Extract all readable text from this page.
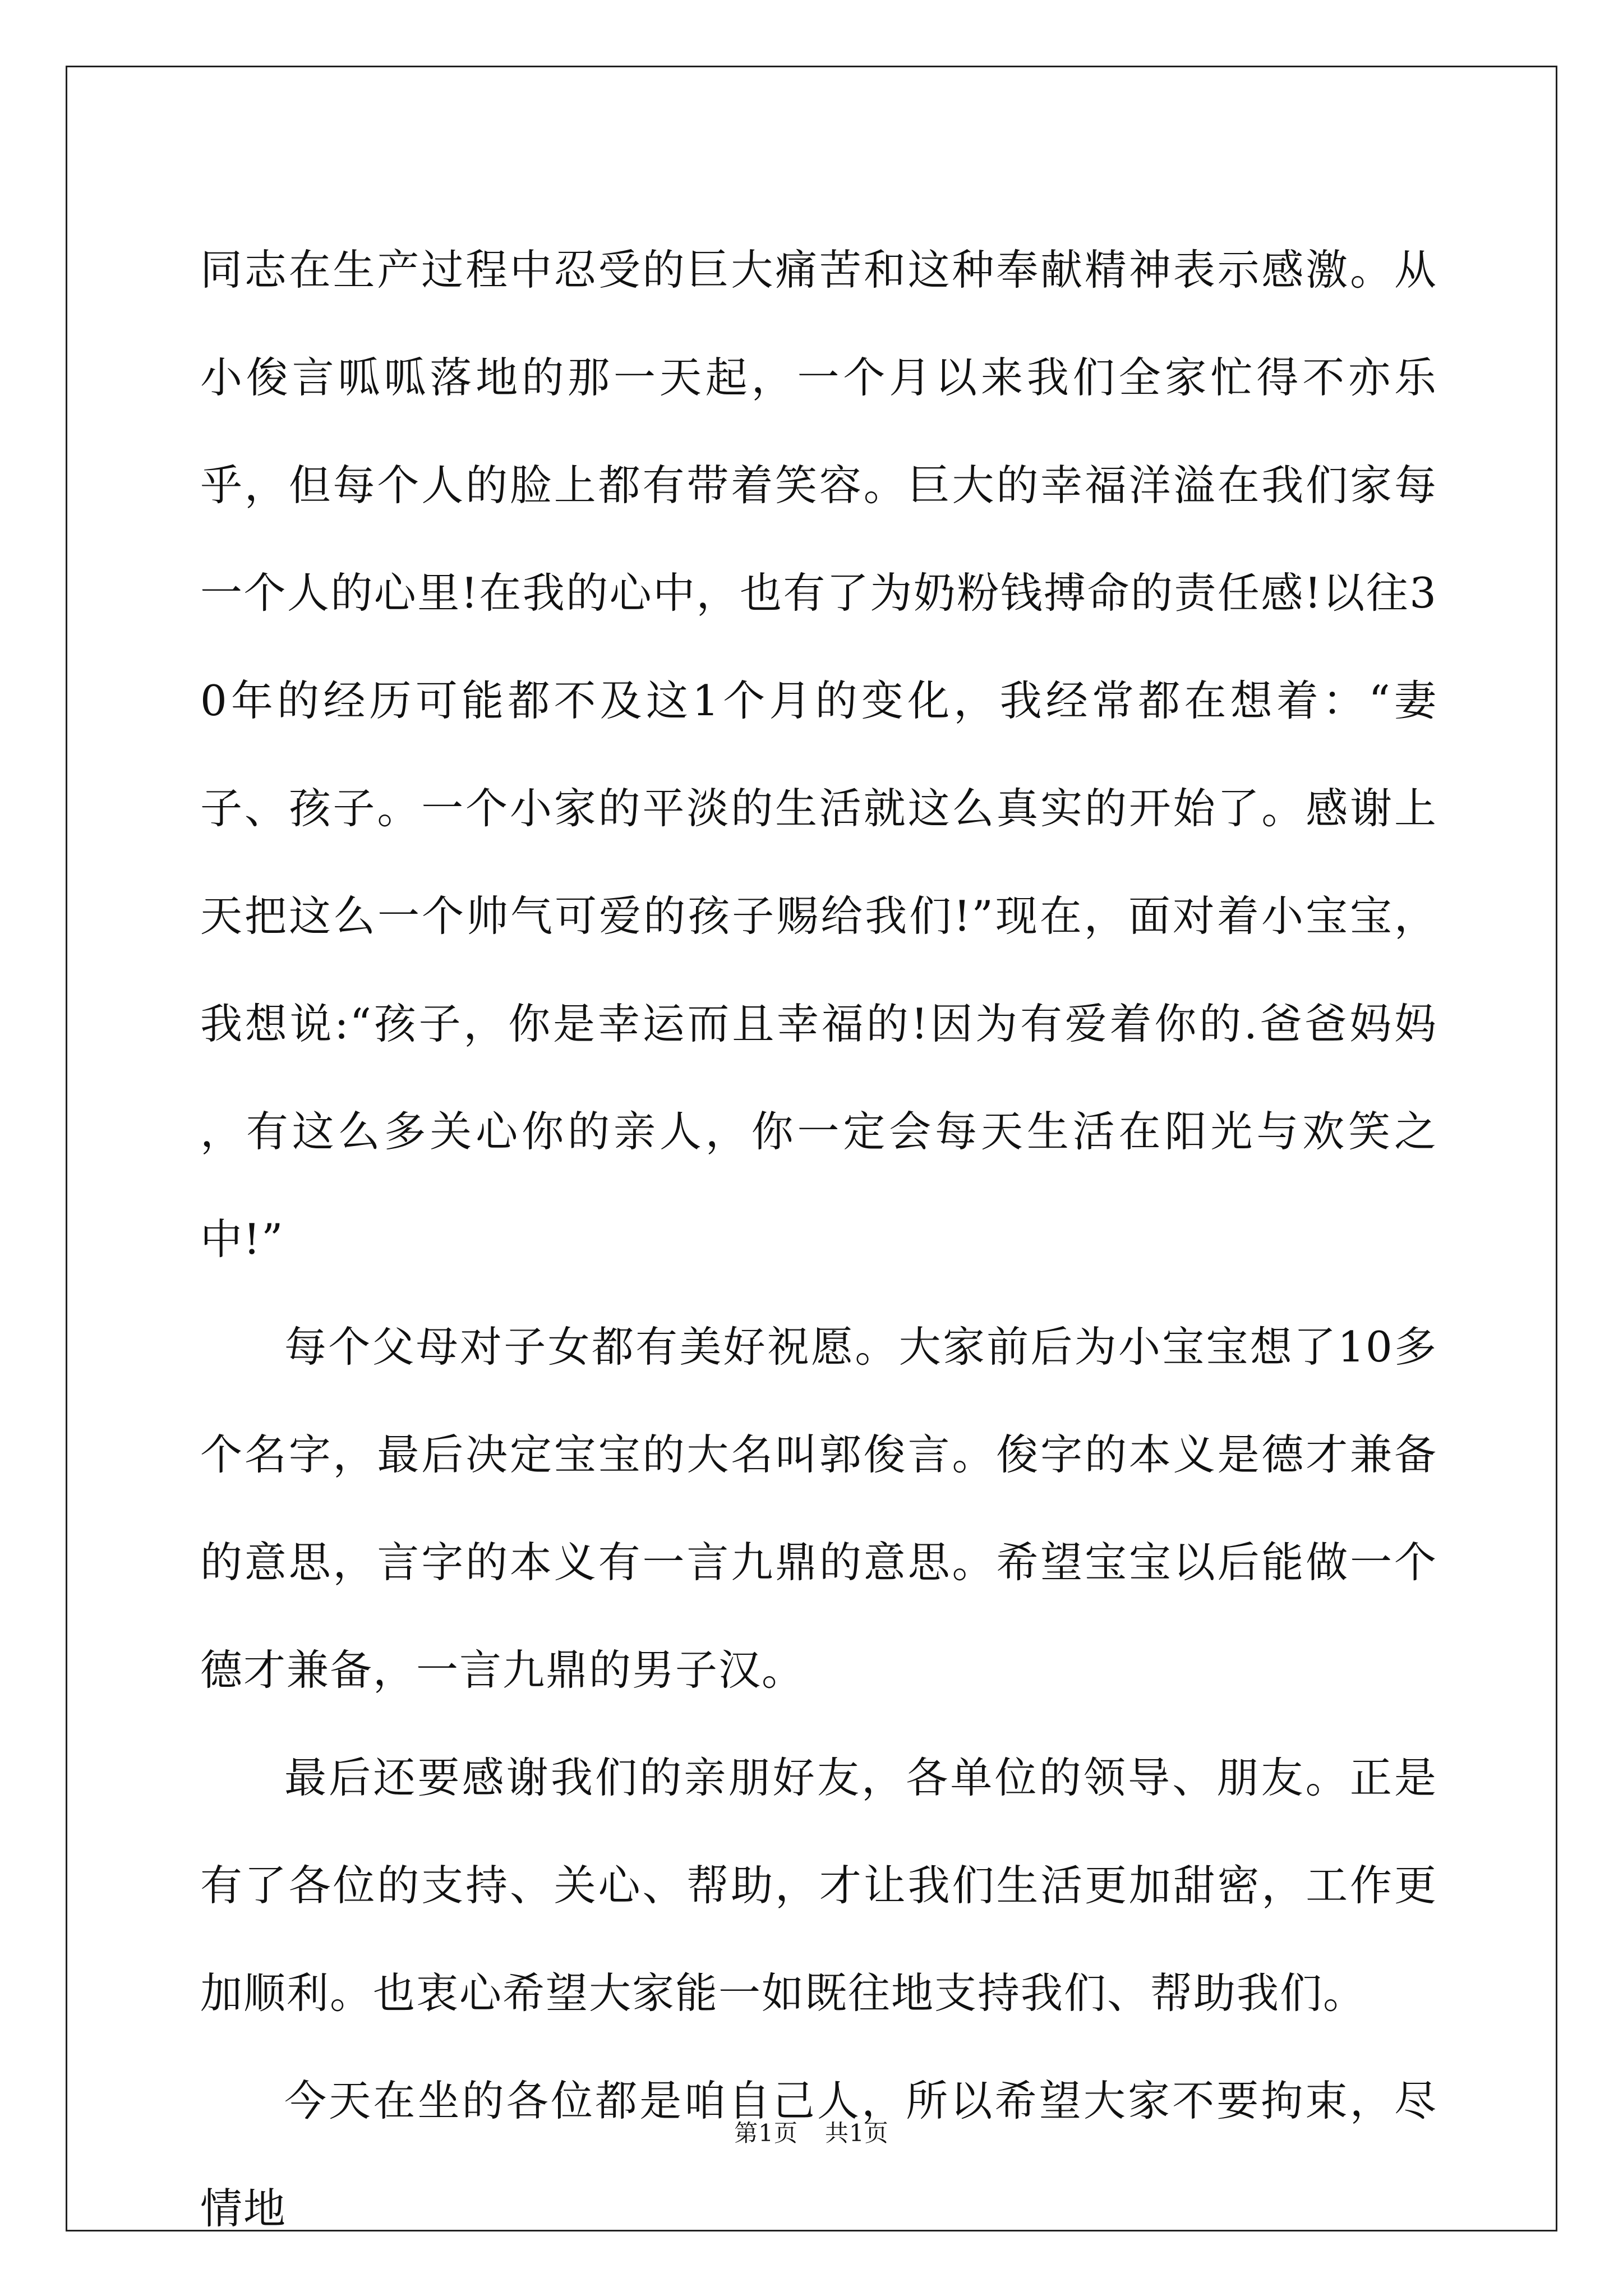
同志在生产过程中忍受的巨大痛苦和这种奉献精神表示感激。从小俊言呱呱落地的那一天起，一个月以来我们全家忙得不亦乐乎，但每个人的脸上都有带着笑容。巨大的幸福洋溢在我们家每一个人的心里!在我的心中，也有了为奶粉钱搏命的责任感!以往30年的经历可能都不及这1个月的变化，我经常都在想着：“妻子、孩子。一个小家的平淡的生活就这么真实的开始了。感谢上天把这么一个帅气可爱的孩子赐给我们!”现在，面对着小宝宝，我想说:“孩子，你是幸运而且幸福的!因为有爱着你的.爸爸妈妈 ，有这么多关心你的亲人，你一定会每天生活在阳光与欢笑之中!”

每个父母对子女都有美好祝愿。大家前后为小宝宝想了10多个名字，最后决定宝宝的大名叫郭俊言。俊字的本义是德才兼备的意思，言字的本义有一言九鼎的意思。希望宝宝以后能做一个德才兼备，一言九鼎的男子汉。

最后还要感谢我们的亲朋好友，各单位的领导、朋友。正是有了各位的支持、关心、帮助，才让我们生活更加甜密，工作更加顺利。也衷心希望大家能一如既往地支持我们、帮助我们。

今天在坐的各位都是咱自己人，所以希望大家不要拘束，尽情地

第1页 共1页
